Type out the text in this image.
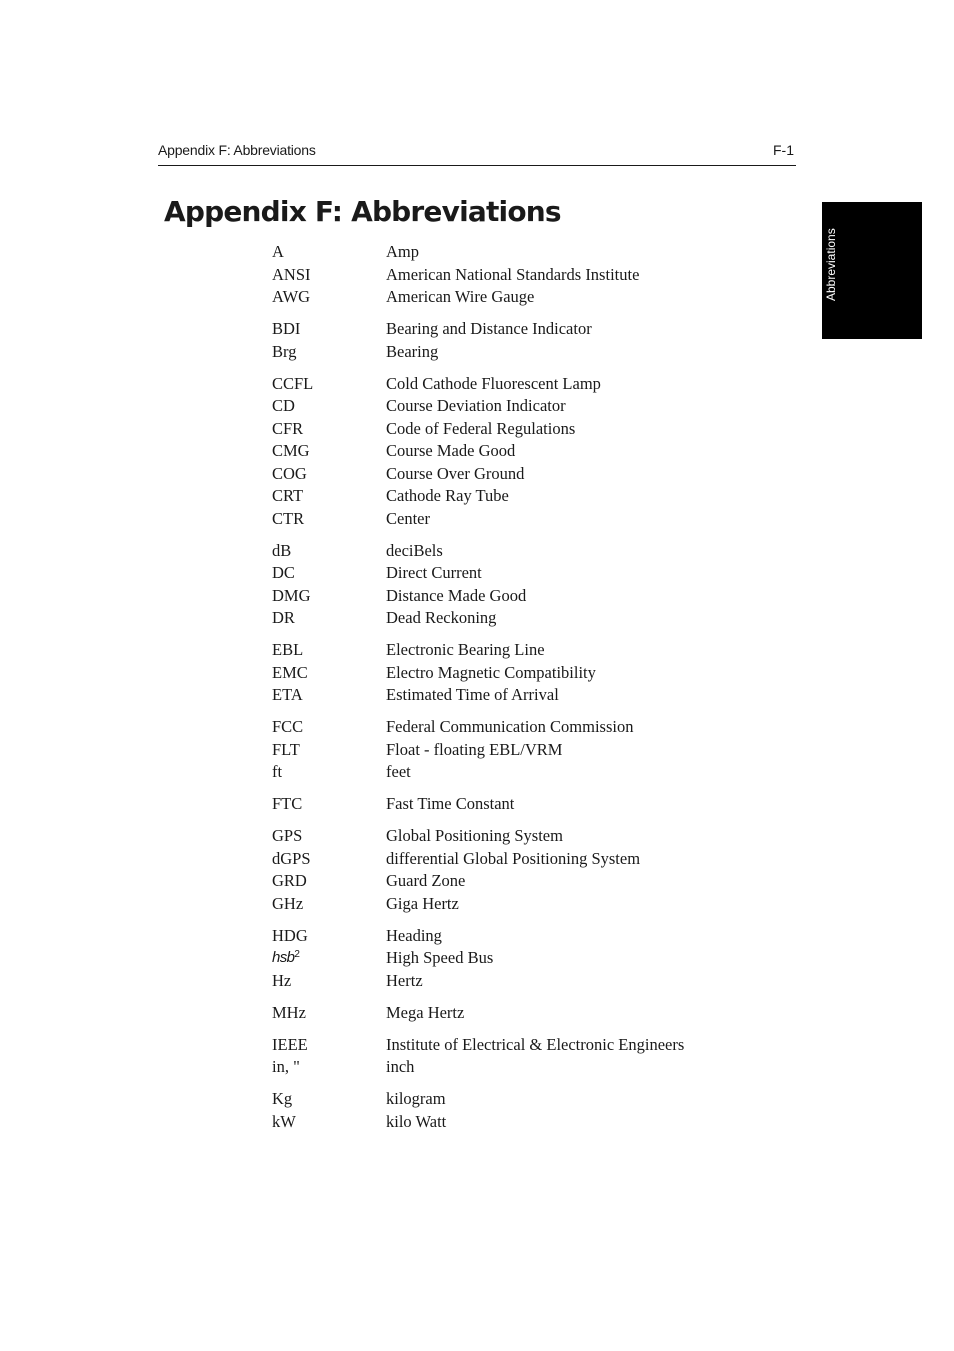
Appendix F: Abbreviations	F-1
Abbreviations
Appendix F: Abbreviations
A	Amp
ANSI	American National Standards Institute
AWG	American Wire Gauge
BDI	Bearing and Distance Indicator
Brg	Bearing
CCFL	Cold Cathode Fluorescent Lamp
CD	Course Deviation Indicator
CFR	Code of Federal Regulations
CMG	Course Made Good
COG	Course Over Ground
CRT	Cathode Ray Tube
CTR	Center
dB	deciBels
DC	Direct Current
DMG	Distance Made Good
DR	Dead Reckoning
EBL	Electronic Bearing Line
EMC	Electro Magnetic Compatibility
ETA	Estimated Time of Arrival
FCC	Federal Communication Commission
FLT	Float - floating EBL/VRM
ft	feet
FTC	Fast Time Constant
GPS	Global Positioning System
dGPS	differential Global Positioning System
GRD	Guard Zone
GHz	Giga Hertz
HDG	Heading
hsb$^2$	High Speed Bus
Hz	Hertz
MHz	Mega Hertz
IEEE	Institute of Electrical & Electronic Engineers
in, "	inch
Kg	kilogram
kW	kilo Watt
